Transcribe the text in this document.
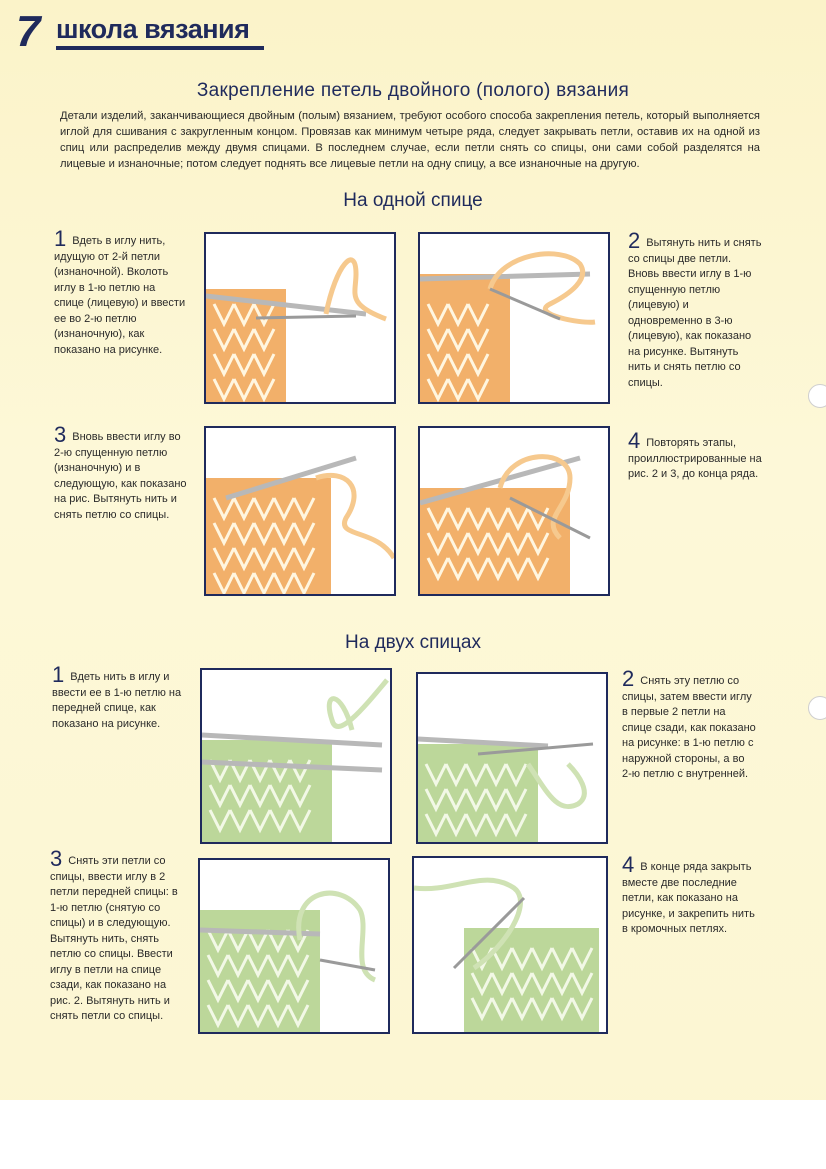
7 школа вязания
Закрепление петель двойного (полого) вязания
Детали изделий, заканчивающиеся двойным (полым) вязанием, требуют особого способа закрепления петель, который выполняется иглой для сшивания с закругленным концом. Провязав как минимум четыре ряда, следует закрывать петли, оставив их на одной из спиц или распределив между двумя спицами. В последнем случае, если петли снять со спицы, они сами собой разделятся на лицевые и изнаночные; потом следует поднять все лицевые петли на одну спицу, а все изнаночные на другую.
На одной спице
1 Вдеть в иглу нить, идущую от 2-й петли (изнаночной). Вколоть иглу в 1-ю петлю на спице (лицевую) и ввести ее во 2-ю петлю (изнаночную), как показано на рисунке.
2 Вытянуть нить и снять со спицы две петли. Вновь ввести иглу в 1-ю спущенную петлю (лицевую) и одновременно в 3-ю (лицевую), как показано на рисунке. Вытянуть нить и снять петлю со спицы.
3 Вновь ввести иглу во 2-ю спущенную петлю (изнаночную) и в следующую, как показано на рис. Вытянуть нить и снять петлю со спицы.
4 Повторять этапы, проиллюстрированные на рис. 2 и 3, до конца ряда.
На двух спицах
1 Вдеть нить в иглу и ввести ее в 1-ю петлю на передней спице, как показано на рисунке.
2 Снять эту петлю со спицы, затем ввести иглу в первые 2 петли на спице сзади, как показано на рисунке: в 1-ю петлю с наружной стороны, а во 2-ю петлю с внутренней.
3 Снять эти петли со спицы, ввести иглу в 2 петли передней спицы: в 1-ю петлю (снятую со спицы) и в следующую. Вытянуть нить, снять петлю со спицы. Ввести иглу в петли на спице сзади, как показано на рис. 2. Вытянуть нить и снять петли со спицы.
4 В конце ряда закрыть вместе две последние петли, как показано на рисунке, и закрепить нить в кромочных петлях.
